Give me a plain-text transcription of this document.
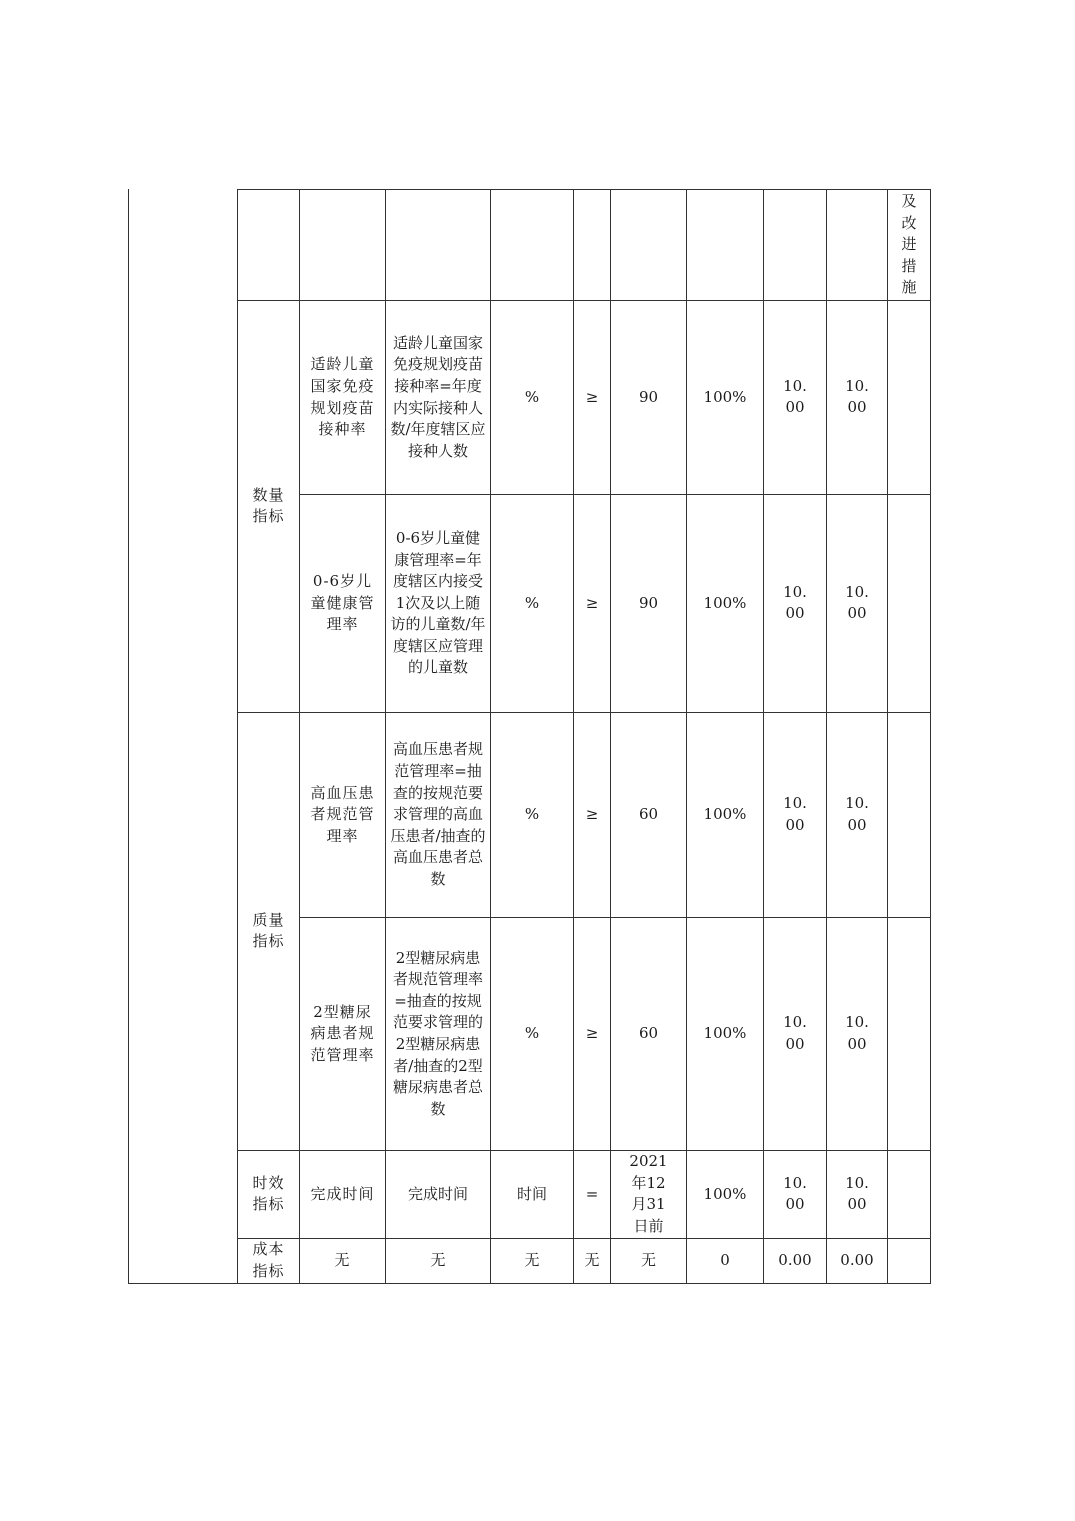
									及改进措施
数量指标	适龄儿童国家免疫规划疫苗接种率	适龄儿童国家免疫规划疫苗接种率=年度内实际接种人数/年度辖区应接种人数	%	≥	90	100%	10.00	10.00	
	0-6岁儿童健康管理率	0-6岁儿童健康管理率=年度辖区内接受1次及以上随访的儿童数/年度辖区应管理的儿童数	%	≥	90	100%	10.00	10.00	
质量指标	高血压患者规范管理率	高血压患者规范管理率=抽查的按规范要求管理的高血压患者/抽查的高血压患者总数	%	≥	60	100%	10.00	10.00	
	2型糖尿病患者规范管理率	2型糖尿病患者规范管理率=抽查的按规范要求管理的2型糖尿病患者/抽查的2型糖尿病患者总数	%	≥	60	100%	10.00	10.00	
时效指标	完成时间	完成时间	时间	=	2021年12月31日前	100%	10.00	10.00	
成本指标	无	无	无	无	无	0	0.00	0.00	
